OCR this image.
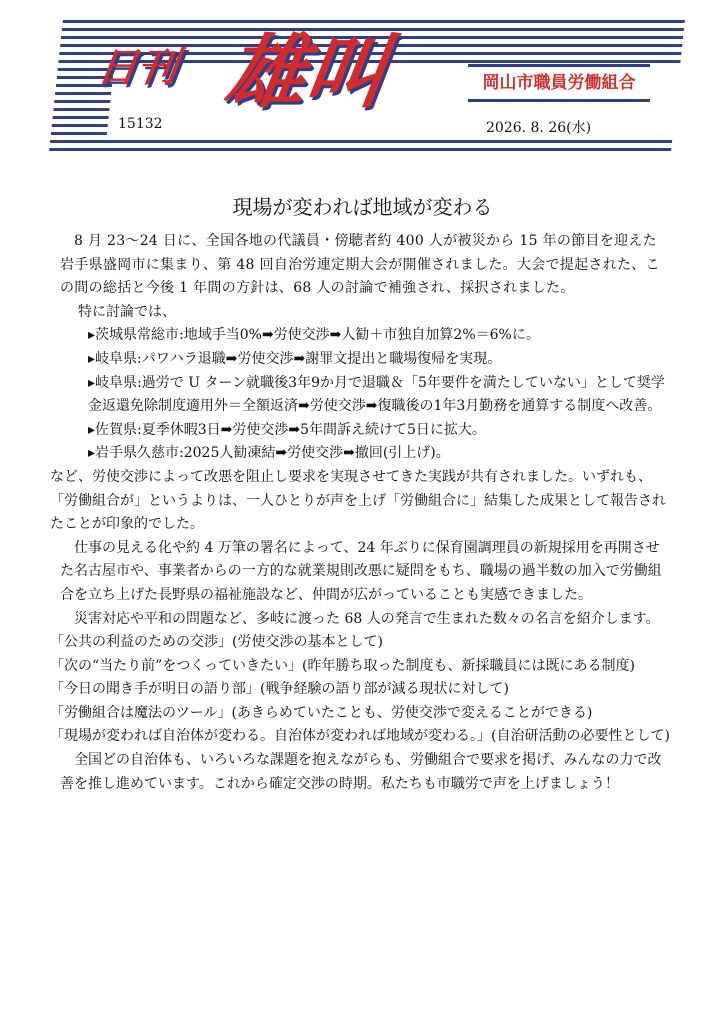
日刊 雄叫	岡山市職員労働組合
15132	2026. 8. 26(水)
現場が変われば地域が変わる

8 月 23～24 日に、全国各地の代議員・傍聴者約 400 人が被災から 15 年の節目を迎えた岩手県盛岡市に集まり、第 48 回自治労連定期大会が開催されました。大会で提起された、この間の総括と今後 1 年間の方針は、68 人の討論で補強され、採択されました。

特に討論では、

▸茨城県常総市:地域手当0%➡労使交渉➡人勧＋市独自加算2%＝6%に。
▸岐阜県:パワハラ退職➡労使交渉➡謝罪文提出と職場復帰を実現。
▸岐阜県:過労で U ターン就職後3年9か月で退職＆「5年要件を満たしていない」として奨学金返還免除制度適用外＝全額返済➡労使交渉➡復職後の1年3月勤務を通算する制度へ改善。
▸佐賀県:夏季休暇3日➡労使交渉➡5年間訴え続けて5日に拡大。
▸岩手県久慈市:2025人勧凍結➡労使交渉➡撤回(引上げ)。

など、労使交渉によって改悪を阻止し要求を実現させてきた実践が共有されました。いずれも、「労働組合が」というよりは、一人ひとりが声を上げ「労働組合に」結集した成果として報告されたことが印象的でした。

仕事の見える化や約 4 万筆の署名によって、24 年ぶりに保育園調理員の新規採用を再開させた名古屋市や、事業者からの一方的な就業規則改悪に疑問をもち、職場の過半数の加入で労働組合を立ち上げた長野県の福祉施設など、仲間が広がっていることも実感できました。

災害対応や平和の問題など、多岐に渡った 68 人の発言で生まれた数々の名言を紹介します。

「公共の利益のための交渉」(労使交渉の基本として)
「次の“当たり前”をつくっていきたい」(昨年勝ち取った制度も、新採職員には既にある制度)
「今日の聞き手が明日の語り部」(戦争経験の語り部が減る現状に対して)
「労働組合は魔法のツール」(あきらめていたことも、労使交渉で変えることができる)
「現場が変われば自治体が変わる。自治体が変われば地域が変わる。」(自治研活動の必要性として)

全国どの自治体も、いろいろな課題を抱えながらも、労働組合で要求を掲げ、みんなの力で改善を推し進めています。これから確定交渉の時期。私たちも市職労で声を上げましょう！
